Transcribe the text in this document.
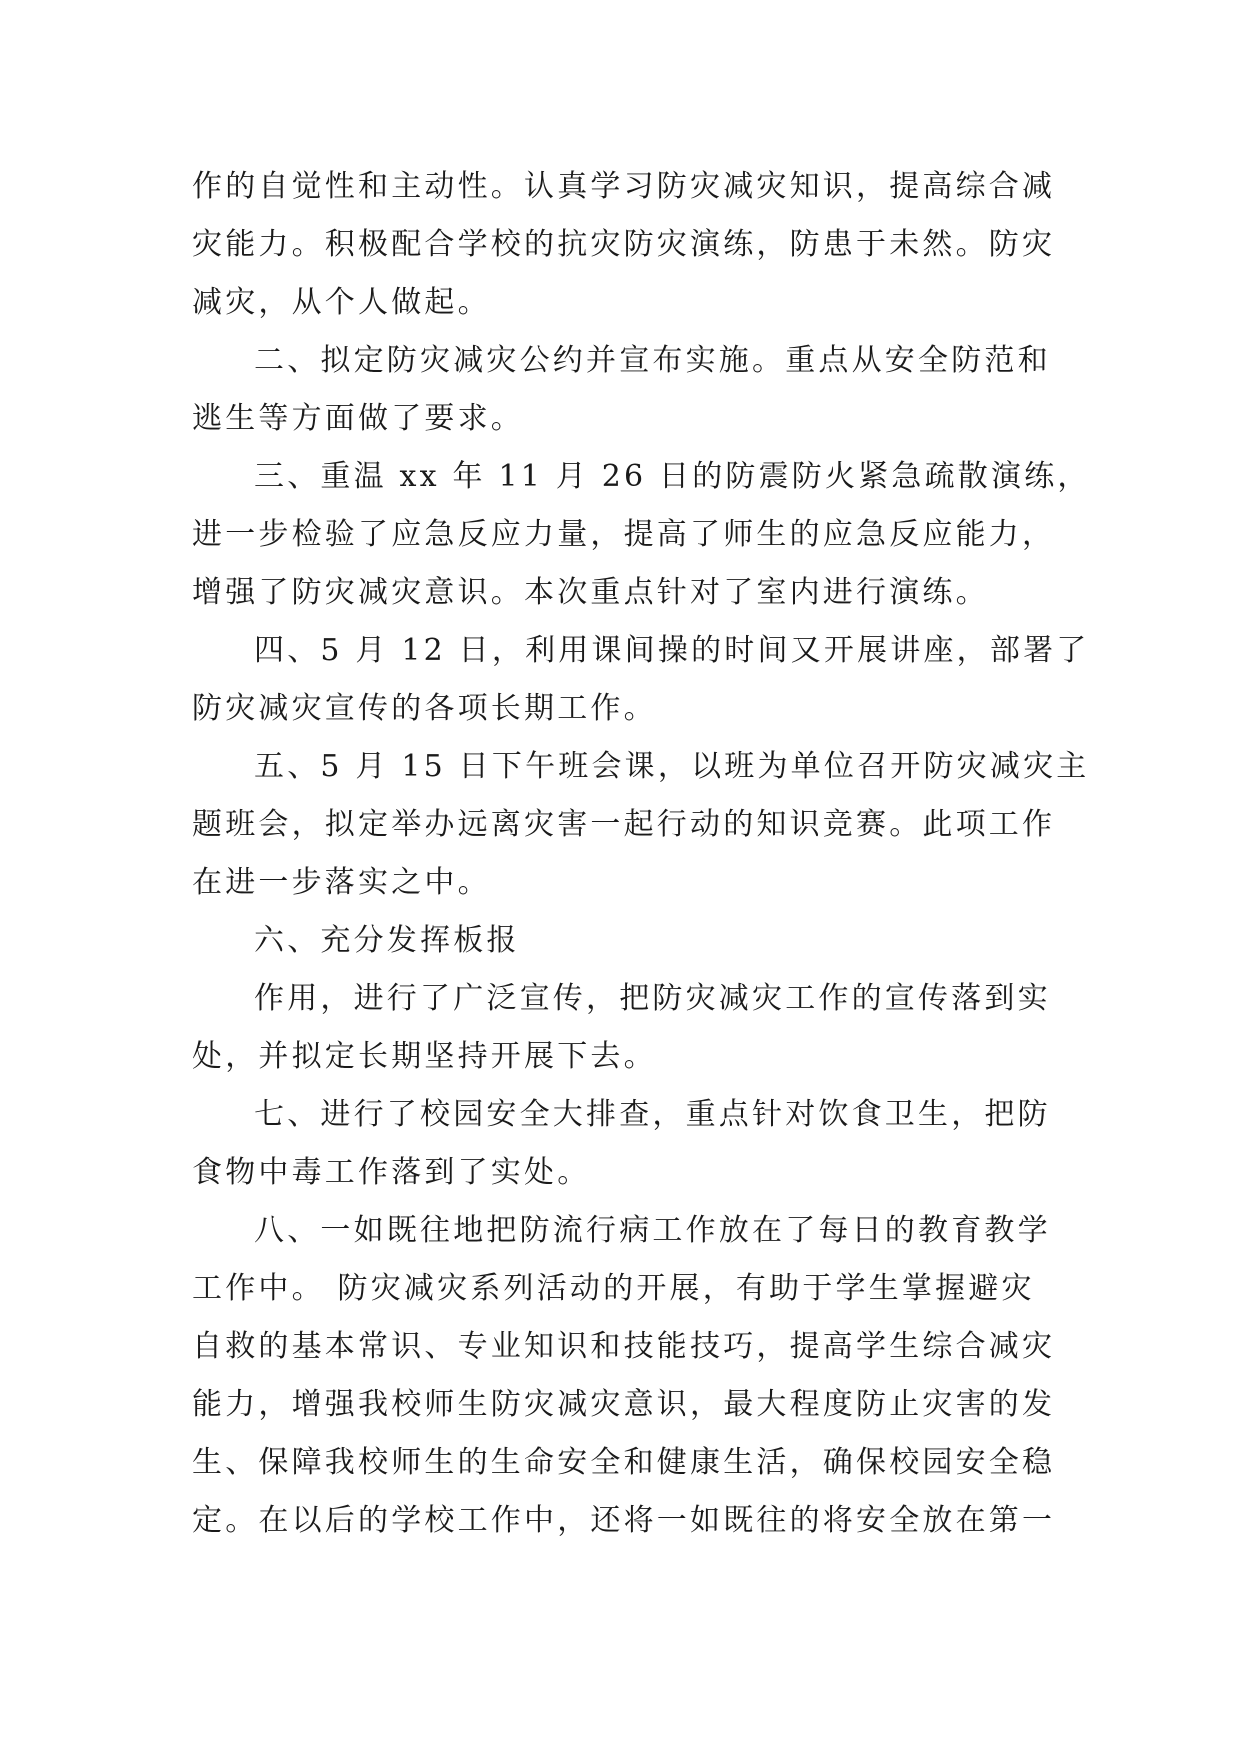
作的自觉性和主动性。认真学习防灾减灾知识，提高综合减
灾能力。积极配合学校的抗灾防灾演练，防患于未然。防灾
减灾，从个人做起。
二、拟定防灾减灾公约并宣布实施。重点从安全防范和
逃生等方面做了要求。
三、重温 xx 年 11 月 26 日的防震防火紧急疏散演练，
进一步检验了应急反应力量，提高了师生的应急反应能力，
增强了防灾减灾意识。本次重点针对了室内进行演练。
四、5 月 12 日，利用课间操的时间又开展讲座，部署了
防灾减灾宣传的各项长期工作。
五、5 月 15 日下午班会课，以班为单位召开防灾减灾主
题班会，拟定举办远离灾害一起行动的知识竞赛。此项工作
在进一步落实之中。
六、充分发挥板报
作用，进行了广泛宣传，把防灾减灾工作的宣传落到实
处，并拟定长期坚持开展下去。
七、进行了校园安全大排查，重点针对饮食卫生，把防
食物中毒工作落到了实处。
八、一如既往地把防流行病工作放在了每日的教育教学
工作中。 防灾减灾系列活动的开展，有助于学生掌握避灾
自救的基本常识、专业知识和技能技巧，提高学生综合减灾
能力，增强我校师生防灾减灾意识，最大程度防止灾害的发
生、保障我校师生的生命安全和健康生活，确保校园安全稳
定。在以后的学校工作中，还将一如既往的将安全放在第一
